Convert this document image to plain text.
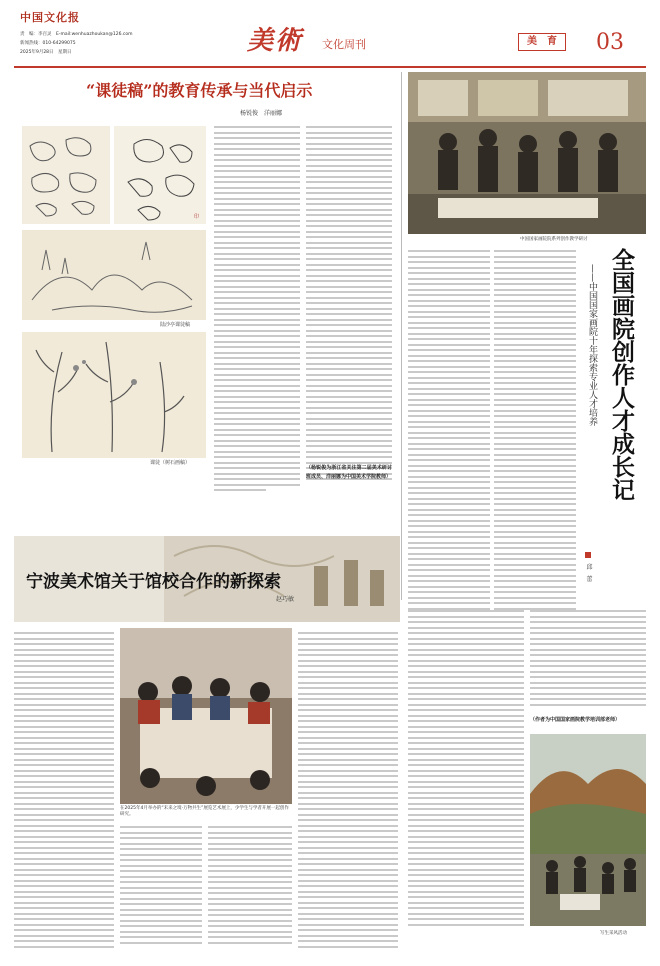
中国文化报
责　编：李百灵　E-mail:wenhuazhoukan@126.com
新闻热线：010-64299075
2025年9月28日　星期日	美術 文化周刊	美　育	03
“课徒稿”的教育传承与当代启示
杨锐俊　洋丽娜
印
陆沙亭课徒稿
课徒（树石画稿）
（杨锐俊为浙江省关注第二届美术研讨班成员、洋丽娜为中国美术学院教师）
中国国家画院院系列创作教学研讨
全国画院创作人才成长记
——中国国家画院十年探索专业人才培养
邱　蕾
宁波美术馆关于馆校合作的新探索
赵巧敏
在2025年4月举办的“未来之境·万物共生”展览艺术展上，少学生与学者开展一起创作研究。
（作者为中国国家画院教学培训部老师）
写生采风活动
